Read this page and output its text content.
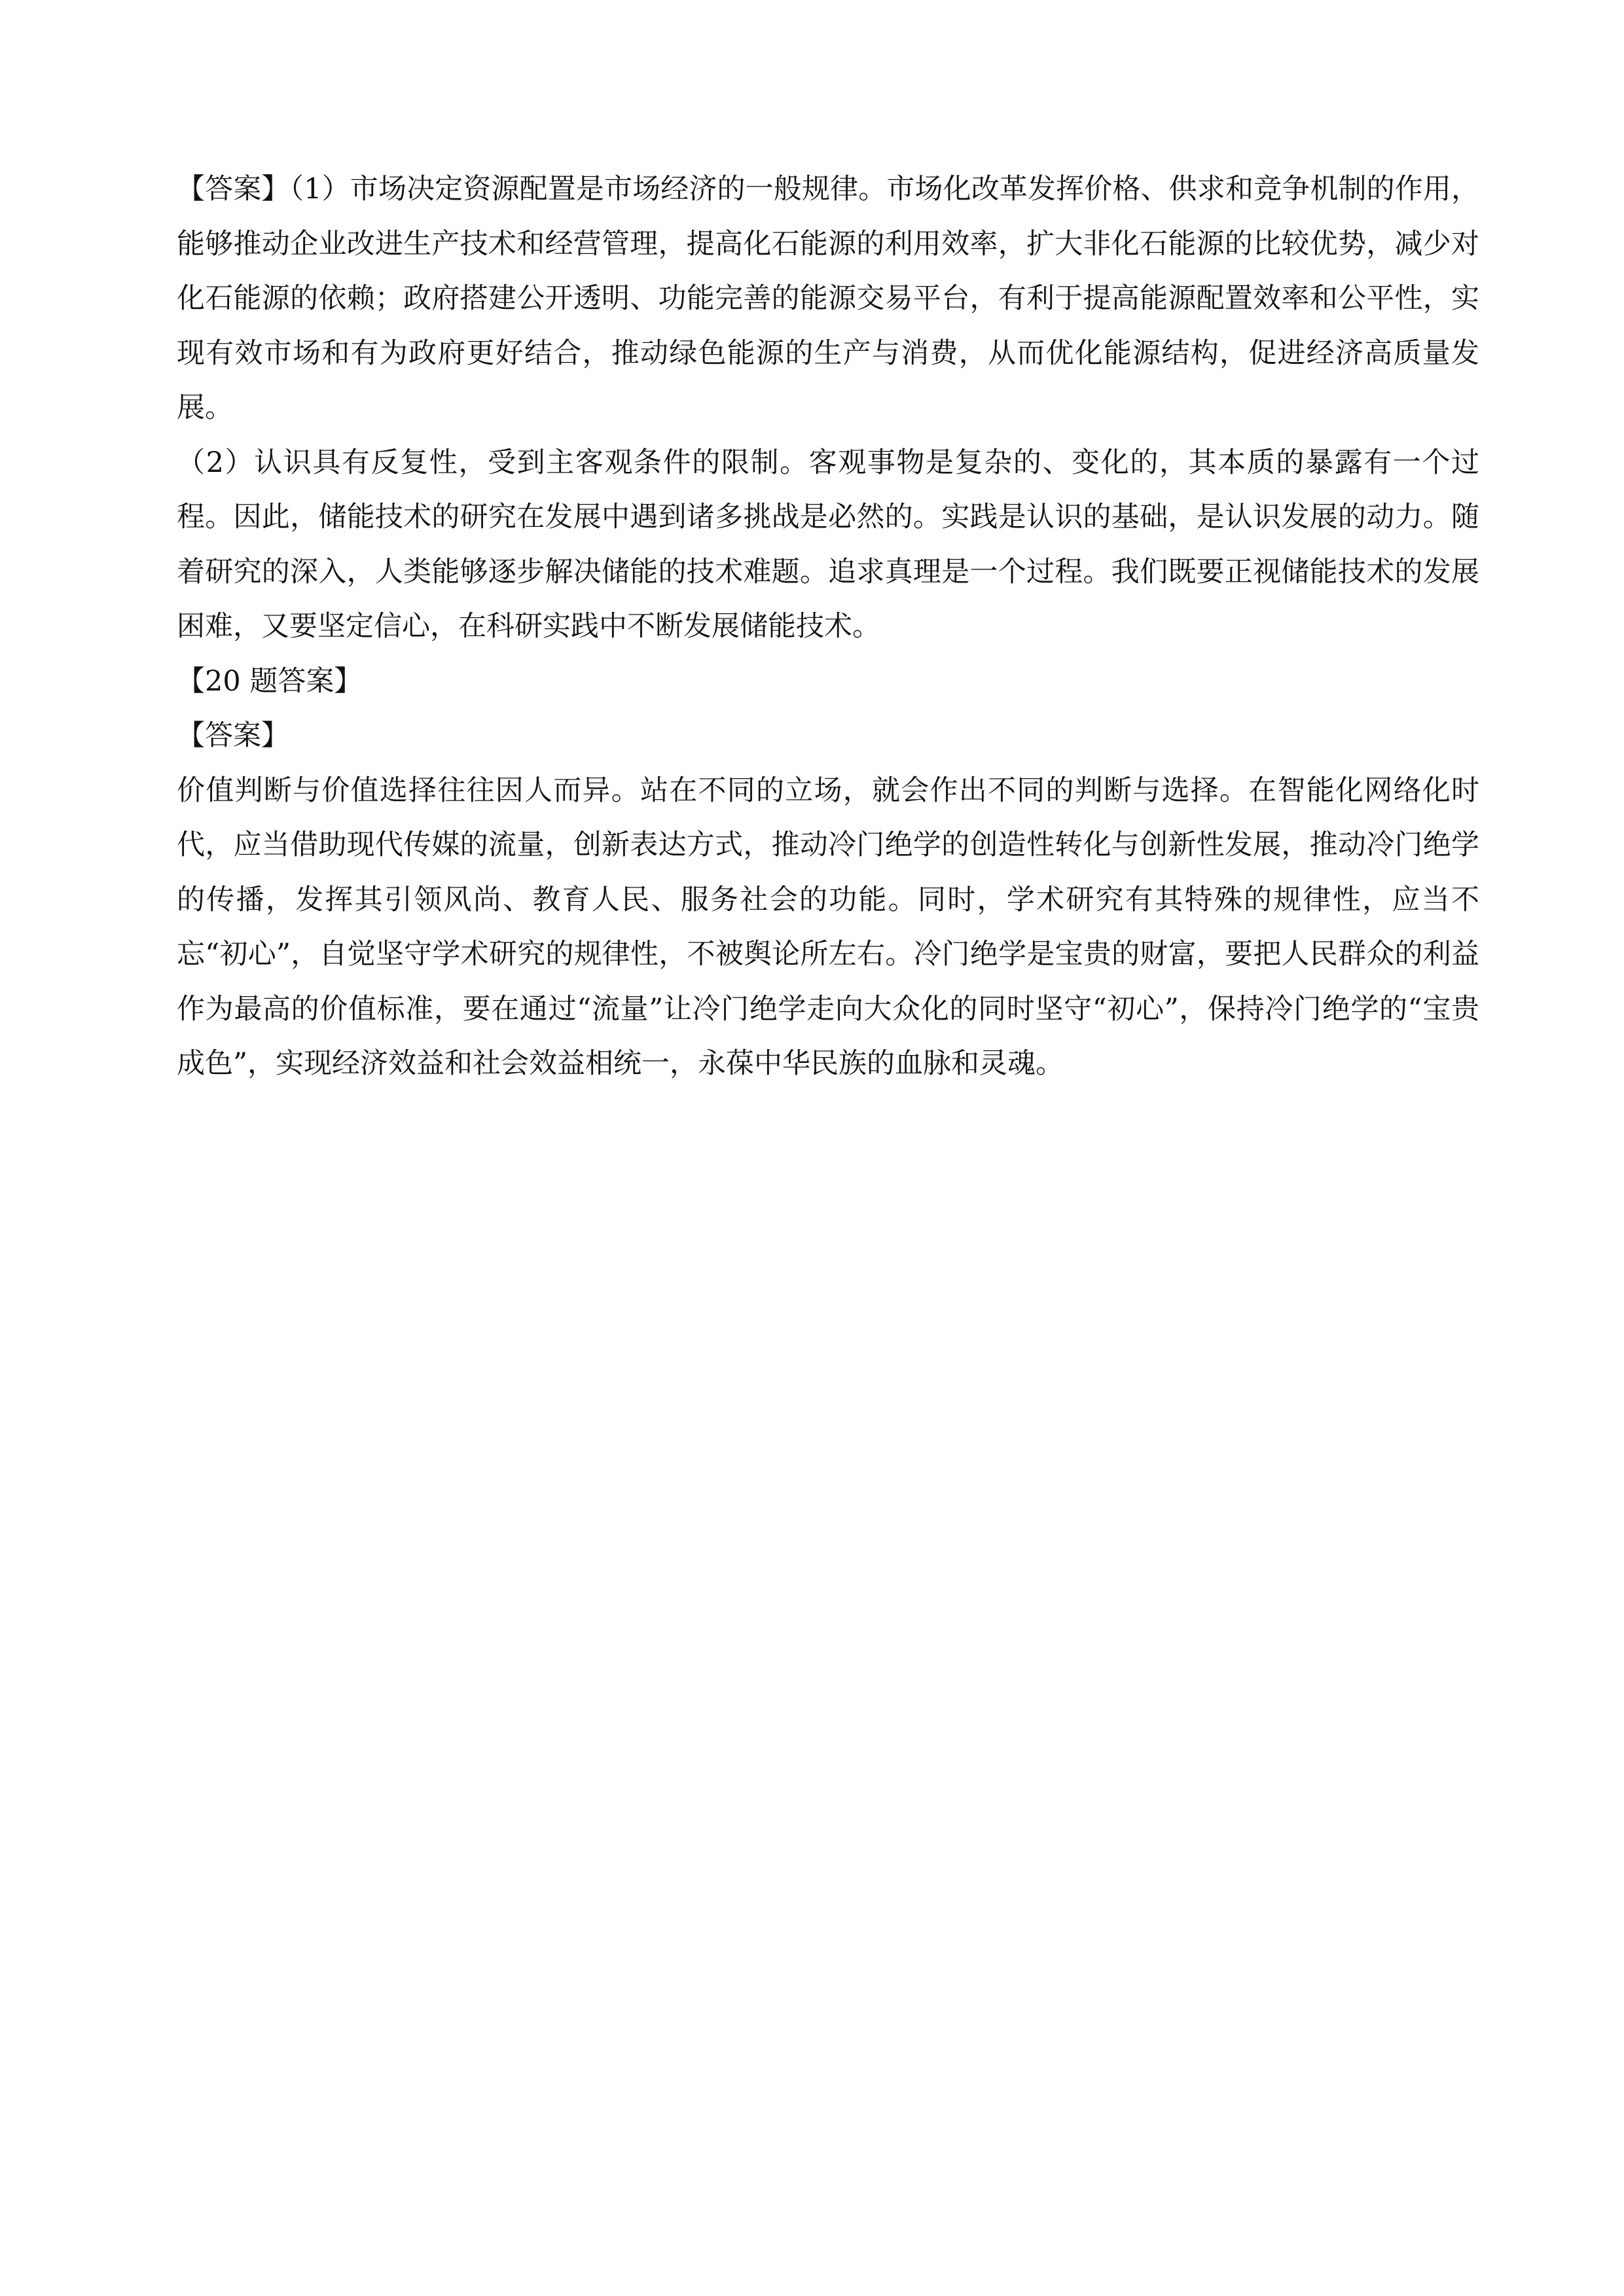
【答案】（1）市场决定资源配置是市场经济的一般规律。市场化改革发挥价格、供求和竞争机制的作用，能够推动企业改进生产技术和经营管理，提高化石能源的利用效率，扩大非化石能源的比较优势，减少对化石能源的依赖；政府搭建公开透明、功能完善的能源交易平台，有利于提高能源配置效率和公平性，实现有效市场和有为政府更好结合，推动绿色能源的生产与消费，从而优化能源结构，促进经济高质量发展。

（2）认识具有反复性，受到主客观条件的限制。客观事物是复杂的、变化的，其本质的暴露有一个过程。因此，储能技术的研究在发展中遇到诸多挑战是必然的。实践是认识的基础，是认识发展的动力。随着研究的深入，人类能够逐步解决储能的技术难题。追求真理是一个过程。我们既要正视储能技术的发展困难，又要坚定信心，在科研实践中不断发展储能技术。

【20 题答案】

【答案】

价值判断与价值选择往往因人而异。站在不同的立场，就会作出不同的判断与选择。在智能化网络化时代，应当借助现代传媒的流量，创新表达方式，推动冷门绝学的创造性转化与创新性发展，推动冷门绝学的传播，发挥其引领风尚、教育人民、服务社会的功能。同时，学术研究有其特殊的规律性，应当不忘“初心”，自觉坚守学术研究的规律性，不被舆论所左右。冷门绝学是宝贵的财富，要把人民群众的利益作为最高的价值标准，要在通过“流量”让冷门绝学走向大众化的同时坚守“初心”，保持冷门绝学的“宝贵成色”，实现经济效益和社会效益相统一，永葆中华民族的血脉和灵魂。
